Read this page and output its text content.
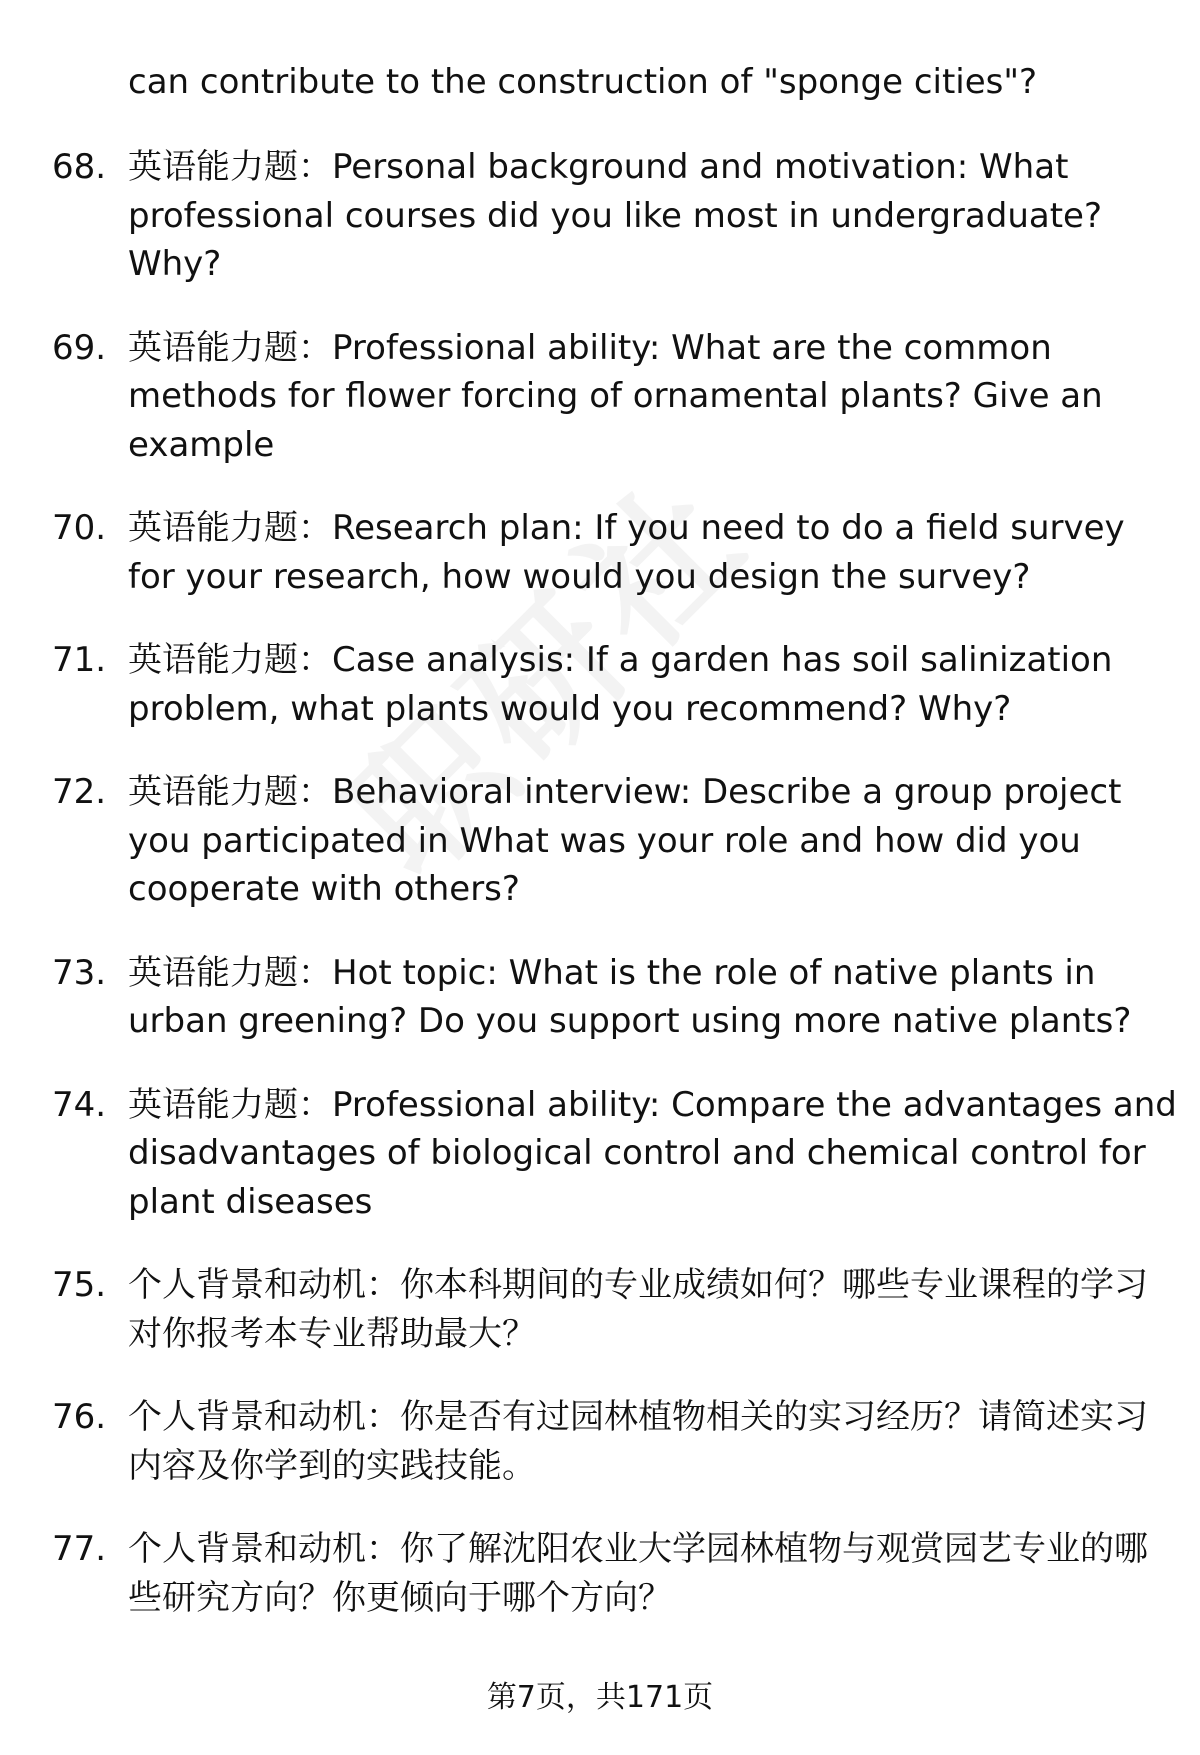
can contribute to the construction of "sponge cities"?

68. 英语能力题：Personal background and motivation: What professional courses did you like most in undergraduate? Why?
69. 英语能力题：Professional ability: What are the common methods for flower forcing of ornamental plants? Give an example
70. 英语能力题：Research plan: If you need to do a field survey for your research, how would you design the survey?
71. 英语能力题：Case analysis: If a garden has soil salinization problem, what plants would you recommend? Why?
72. 英语能力题：Behavioral interview: Describe a group project you participated in What was your role and how did you cooperate with others?
73. 英语能力题：Hot topic: What is the role of native plants in urban greening? Do you support using more native plants?
74. 英语能力题：Professional ability: Compare the advantages and disadvantages of biological control and chemical control for plant diseases
75. 个人背景和动机：你本科期间的专业成绩如何？哪些专业课程的学习对你报考本专业帮助最大？
76. 个人背景和动机：你是否有过园林植物相关的实习经历？请简述实习内容及你学到的实践技能。
77. 个人背景和动机：你了解沈阳农业大学园林植物与观赏园艺专业的哪些研究方向？你更倾向于哪个方向？
第7页，共171页
